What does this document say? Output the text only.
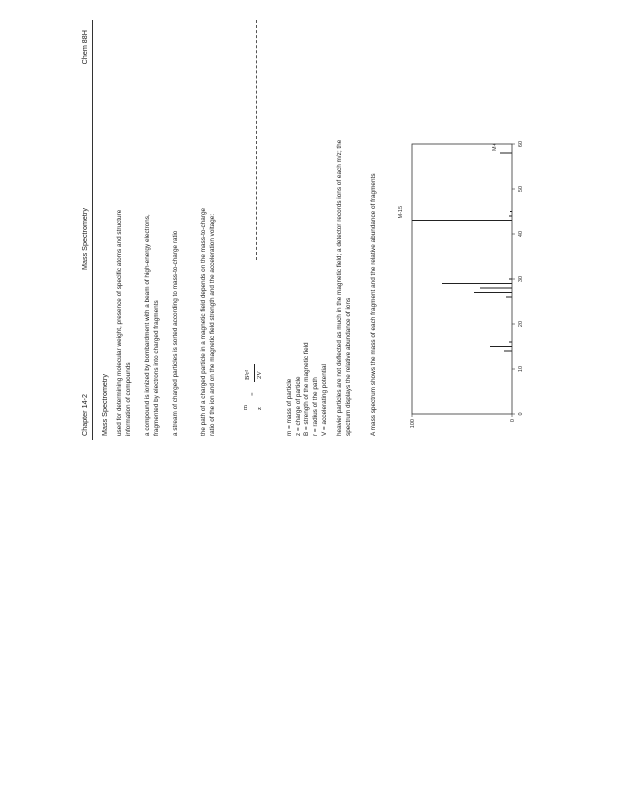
Chapter 14-2
Mass Spectrometry
Chem 88H
Mass Spectrometry used for determining molecular weight, presence of specific atoms and structure information of compounds a compound is ionized by bombardment with a beam of high-energy electrons, fragmented by electrons into charged fragments a stream of charged particles is sorted according to mass-to-charge ratio	the path of a charged particle in a magnetic field depends on the mass-to-charge ratio of the ion and on the magnetic field strength and the acceleration voltage:	m z
=
B²r² 2V
m = mass of particle z = charge of particle B = strength of the magnetic field r = radius of the path V = accelerating potential heavier particles are not deflected as much in the magnetic field; a detector records ions of each m/z; the spectrum displays the relative abundance of ions	A mass spectrum shows the mass of each fragment and the relative abundance of fragments	100	0
0
10
20
30
40
50
60
M+
M-15
